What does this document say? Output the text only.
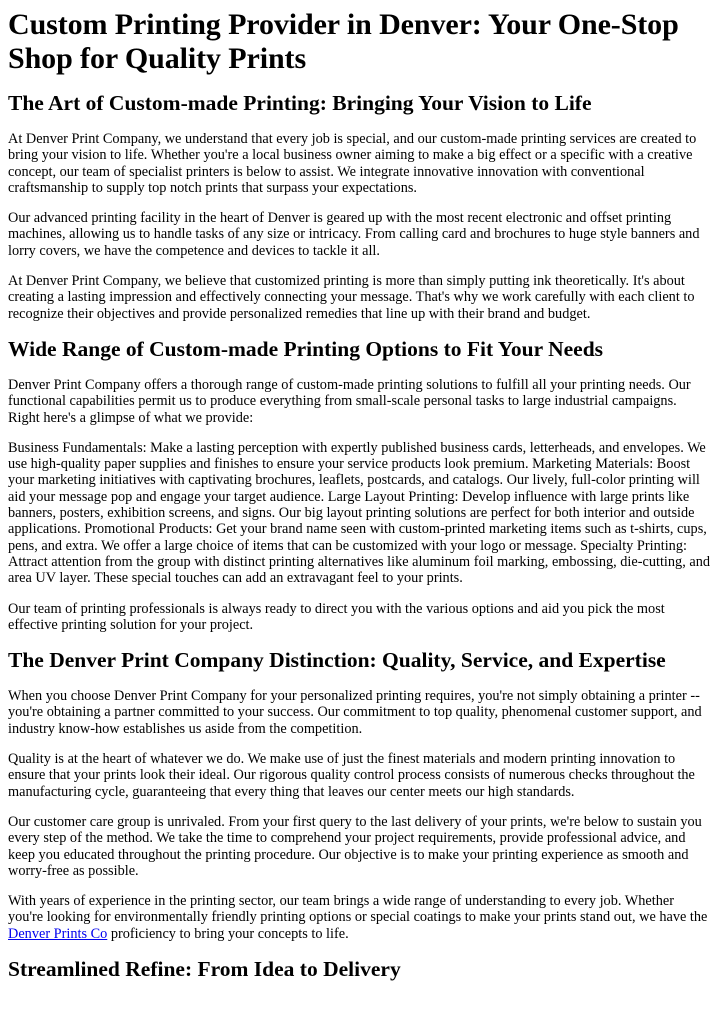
Custom Printing Provider in Denver: Your One-Stop Shop for Quality Prints
The Art of Custom-made Printing: Bringing Your Vision to Life

At Denver Print Company, we understand that every job is special, and our custom-made printing services are created to bring your vision to life. Whether you're a local business owner aiming to make a big effect or a specific with a creative concept, our team of specialist printers is below to assist. We integrate innovative innovation with conventional craftsmanship to supply top notch prints that surpass your expectations.

Our advanced printing facility in the heart of Denver is geared up with the most recent electronic and offset printing machines, allowing us to handle tasks of any size or intricacy. From calling card and brochures to huge style banners and lorry covers, we have the competence and devices to tackle it all.

At Denver Print Company, we believe that customized printing is more than simply putting ink theoretically. It's about creating a lasting impression and effectively connecting your message. That's why we work carefully with each client to recognize their objectives and provide personalized remedies that line up with their brand and budget.

Wide Range of Custom-made Printing Options to Fit Your Needs

Denver Print Company offers a thorough range of custom-made printing solutions to fulfill all your printing needs. Our functional capabilities permit us to produce everything from small-scale personal tasks to large industrial campaigns. Right here's a glimpse of what we provide:

Business Fundamentals: Make a lasting perception with expertly published business cards, letterheads, and envelopes. We use high-quality paper supplies and finishes to ensure your service products look premium. Marketing Materials: Boost your marketing initiatives with captivating brochures, leaflets, postcards, and catalogs. Our lively, full-color printing will aid your message pop and engage your target audience. Large Layout Printing: Develop influence with large prints like banners, posters, exhibition screens, and signs. Our big layout printing solutions are perfect for both interior and outside applications. Promotional Products: Get your brand name seen with custom-printed marketing items such as t-shirts, cups, pens, and extra. We offer a large choice of items that can be customized with your logo or message. Specialty Printing: Attract attention from the group with distinct printing alternatives like aluminum foil marking, embossing, die-cutting, and area UV layer. These special touches can add an extravagant feel to your prints.

Our team of printing professionals is always ready to direct you with the various options and aid you pick the most effective printing solution for your project.

The Denver Print Company Distinction: Quality, Service, and Expertise

When you choose Denver Print Company for your personalized printing requires, you're not simply obtaining a printer -- you're obtaining a partner committed to your success. Our commitment to top quality, phenomenal customer support, and industry know-how establishes us aside from the competition.

Quality is at the heart of whatever we do. We make use of just the finest materials and modern printing innovation to ensure that your prints look their ideal. Our rigorous quality control process consists of numerous checks throughout the manufacturing cycle, guaranteeing that every thing that leaves our center meets our high standards.

Our customer care group is unrivaled. From your first query to the last delivery of your prints, we're below to sustain you every step of the method. We take the time to comprehend your project requirements, provide professional advice, and keep you educated throughout the printing procedure. Our objective is to make your printing experience as smooth and worry-free as possible.

With years of experience in the printing sector, our team brings a wide range of understanding to every job. Whether you're looking for environmentally friendly printing options or special coatings to make your prints stand out, we have the Denver Prints Co proficiency to bring your concepts to life.

Streamlined Refine: From Idea to Delivery
